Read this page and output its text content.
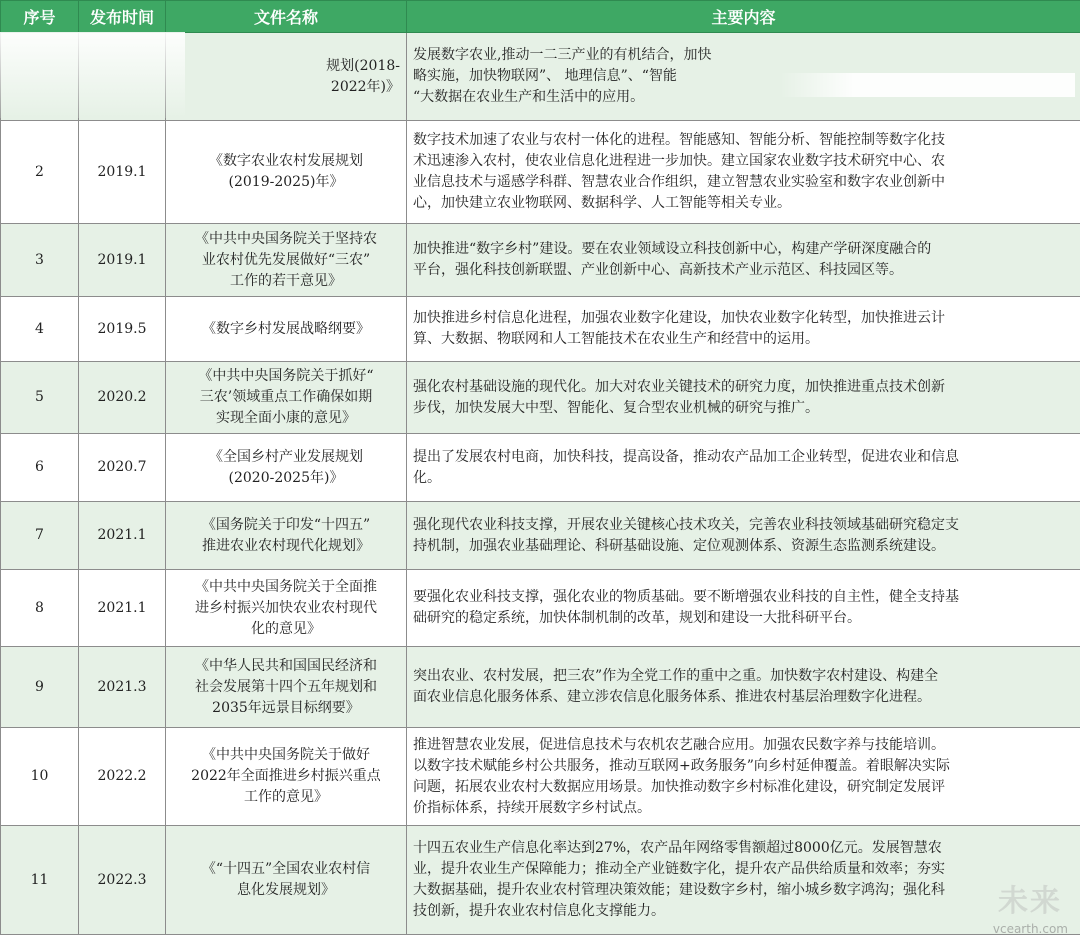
序号	发布时间	文件名称	主要内容

		规划(2018-
2022年)》	发展数字农业,推动一二三产业的有机结合，加快
略实施，加快物联网”、 地理信息”、“智能
“大数据在农业生产和生活中的应用。

2	2019.1	《数字农业农村发展规划
(2019-2025)年》	数字技术加速了农业与农村一体化的进程。智能感知、智能分析、智能控制等数字化技
术迅速渗入农村，使农业信息化进程进一步加快。建立国家农业数字技术研究中心、农
业信息技术与遥感学科群、智慧农业合作组织，建立智慧农业实验室和数字农业创新中
心，加快建立农业物联网、数据科学、人工智能等相关专业。

3	2019.1	《中共中央国务院关于坚持农
业农村优先发展做好“三农”
工作的若干意见》	加快推进“数字乡村”建设。要在农业领域设立科技创新中心，构建产学研深度融合的
平台，强化科技创新联盟、产业创新中心、高新技术产业示范区、科技园区等。

4	2019.5	《数字乡村发展战略纲要》	加快推进乡村信息化进程，加强农业数字化建设，加快农业数字化转型，加快推进云计
算、大数据、物联网和人工智能技术在农业生产和经营中的运用。

5	2020.2	《中共中央国务院关于抓好“
三农’领域重点工作确保如期
实现全面小康的意见》	强化农村基础设施的现代化。加大对农业关键技术的研究力度，加快推进重点技术创新
步伐，加快发展大中型、智能化、复合型农业机械的研究与推广。

6	2020.7	《全国乡村产业发展规划
(2020-2025年)》	提出了发展农村电商，加快科技，提高设备，推动农产品加工企业转型，促进农业和信息
化。

7	2021.1	《国务院关于印发“十四五”
推进农业农村现代化规划》	强化现代农业科技支撑，开展农业关键核心技术攻关，完善农业科技领域基础研究稳定支
持机制，加强农业基础理论、科研基础设施、定位观测体系、资源生态监测系统建设。

8	2021.1	《中共中央国务院关于全面推
进乡村振兴加快农业农村现代
化的意见》	要强化农业科技支撑，强化农业的物质基础。要不断增强农业科技的自主性，健全支持基
础研究的稳定系统，加快体制机制的改革，规划和建设一大批科研平台。

9	2021.3	《中华人民共和国国民经济和
社会发展第十四个五年规划和
2035年远景目标纲要》	突出农业、农村发展，把三农”作为全党工作的重中之重。加快数字农村建设、构建全
面农业信息化服务体系、建立涉农信息化服务体系、推进农村基层治理数字化进程。

10	2022.2	《中共中央国务院关于做好
2022年全面推进乡村振兴重点
工作的意见》	推进智慧农业发展，促进信息技术与农机农艺融合应用。加强农民数字养与技能培训。
以数字技术赋能乡村公共服务，推动互联网+政务服务”向乡村延伸覆盖。着眼解决实际
问题，拓展农业农村大数据应用场景。加快推动数字乡村标准化建设，研究制定发展评
价指标体系，持续开展数字乡村试点。

11	2022.3	《“十四五”全国农业农村信
息化发展规划》	十四五农业生产信息化率达到27%，农产品年网络零售额超过8000亿元。发展智慧农
业，提升农业生产保障能力；推动全产业链数字化，提升农产品供给质量和效率；夯实
大数据基础，提升农业农村管理决策效能；建设数字乡村，缩小城乡数字鸿沟；强化科
技创新，提升农业农村信息化支撑能力。	未来
vcearth.com
